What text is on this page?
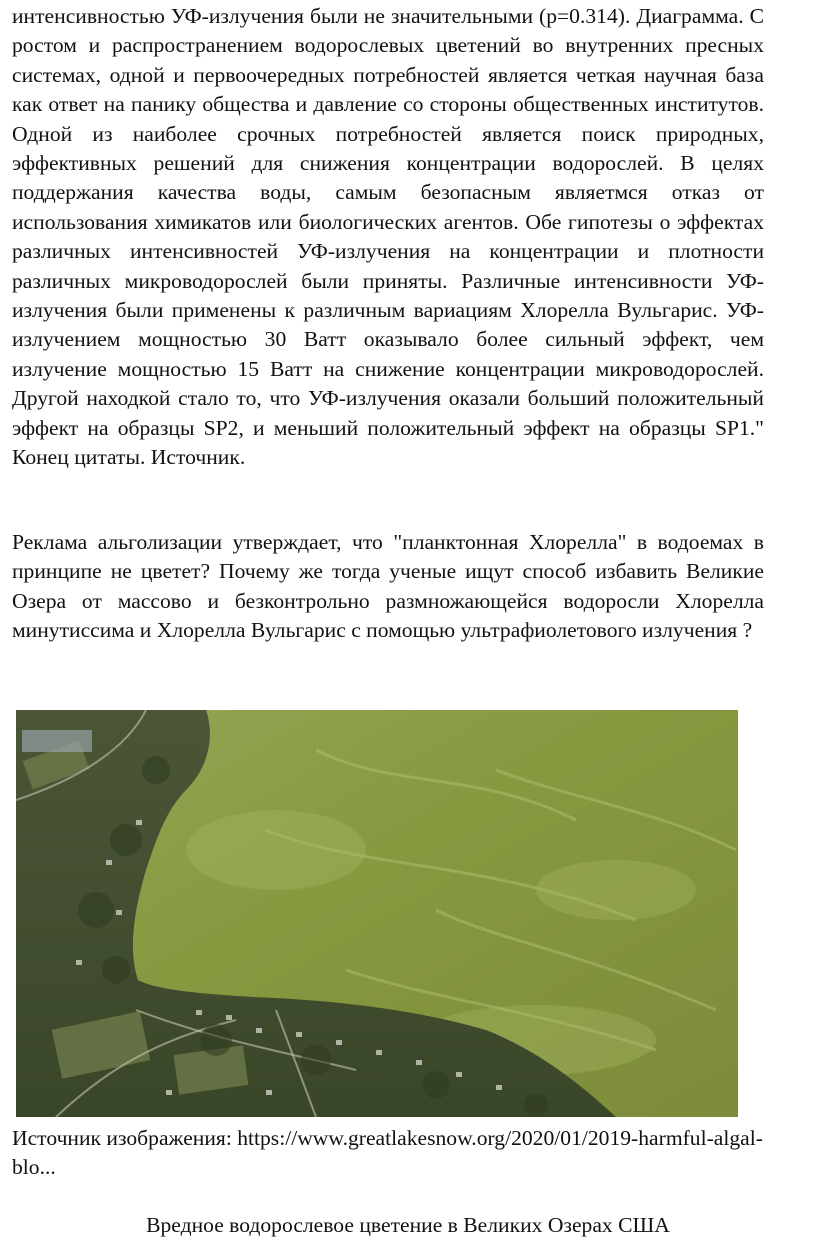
интенсивностью УФ-излучения были не значительными (p=0.314). Диаграмма. С ростом и распространением водорослевых цветений во внутренних пресных системах, одной и первоочередных потребностей является четкая научная база как ответ на панику общества и давление со стороны общественных институтов. Одной из наиболее срочных потребностей является поиск природных, эффективных решений для снижения концентрации водорослей. В целях поддержания качества воды, самым безопасным являетмся отказ от использования химикатов или биологических агентов. Обе гипотезы о эффектах различных интенсивностей УФ-излучения на концентрации и плотности различных микроводорослей были приняты. Различные интенсивности УФ-излучения были применены к различным вариациям Хлорелла Вульгарис. УФ-излучением мощностью 30 Ватт оказывало более сильный эффект, чем излучение мощностью 15 Ватт на снижение концентрации микроводорослей. Другой находкой стало то, что УФ-излучения оказали больший положительный эффект на образцы SP2, и меньший положительный эффект на образцы SP1." Конец цитаты. Источник.

Реклама альголизации утверждает, что "планктонная Хлорелла" в водоемах в принципе не цветет? Почему же тогда ученые ищут способ избавить Великие Озера от массово и безконтрольно размножающейся водоросли Хлорелла минутиссима и Хлорелла Вульгарис с помощью ультрафиолетового излучения ?

Источник изображения: https://www.greatlakesnow.org/2020/01/2019-harmful-algal-blo...

Вредное водорослевое цветение в Великих Озерах США
